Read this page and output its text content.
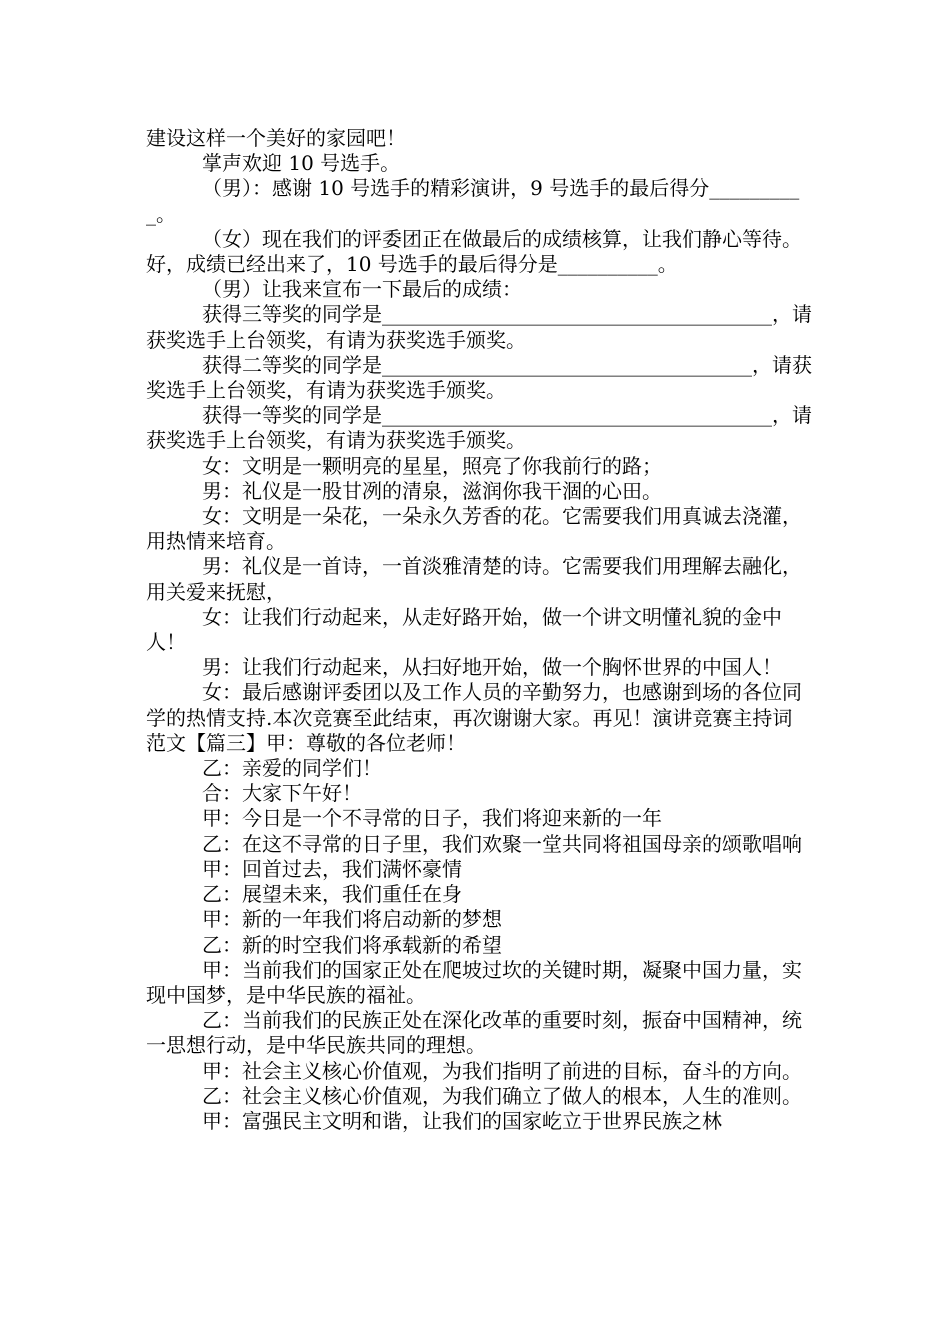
建设这样一个美好的家园吧！

掌声欢迎 10 号选手。

（男）：感谢 10 号选手的精彩演讲，9 号选手的最后得分__________。

（女）现在我们的评委团正在做最后的成绩核算，让我们静心等待。好，成绩已经出来了，10 号选手的最后得分是__________。

（男）让我来宣布一下最后的成绩：

获得三等奖的同学是_______________________________________，请获奖选手上台领奖，有请为获奖选手颁奖。

获得二等奖的同学是_____________________________________，请获奖选手上台领奖，有请为获奖选手颁奖。

获得一等奖的同学是_______________________________________，请获奖选手上台领奖，有请为获奖选手颁奖。

女：文明是一颗明亮的星星，照亮了你我前行的路；

男：礼仪是一股甘冽的清泉，滋润你我干涸的心田。

女：文明是一朵花，一朵永久芳香的花。它需要我们用真诚去浇灌，用热情来培育。

男：礼仪是一首诗，一首淡雅清楚的诗。它需要我们用理解去融化，用关爱来抚慰，

女：让我们行动起来，从走好路开始，做一个讲文明懂礼貌的金中人！

男：让我们行动起来，从扫好地开始，做一个胸怀世界的中国人！

女：最后感谢评委团以及工作人员的辛勤努力，也感谢到场的各位同学的热情支持.本次竞赛至此结束，再次谢谢大家。再见！演讲竞赛主持词范文【篇三】甲：尊敬的各位老师！

乙：亲爱的同学们！

合：大家下午好！

甲：今日是一个不寻常的日子，我们将迎来新的一年

乙：在这不寻常的日子里，我们欢聚一堂共同将祖国母亲的颂歌唱响

甲：回首过去，我们满怀豪情

乙：展望未来，我们重任在身

甲：新的一年我们将启动新的梦想

乙：新的时空我们将承载新的希望

甲：当前我们的国家正处在爬坡过坎的关键时期，凝聚中国力量，实现中国梦，是中华民族的福祉。

乙：当前我们的民族正处在深化改革的重要时刻，振奋中国精神，统一思想行动，是中华民族共同的理想。

甲：社会主义核心价值观，为我们指明了前进的目标，奋斗的方向。

乙：社会主义核心价值观，为我们确立了做人的根本，人生的准则。

甲：富强民主文明和谐，让我们的国家屹立于世界民族之林
